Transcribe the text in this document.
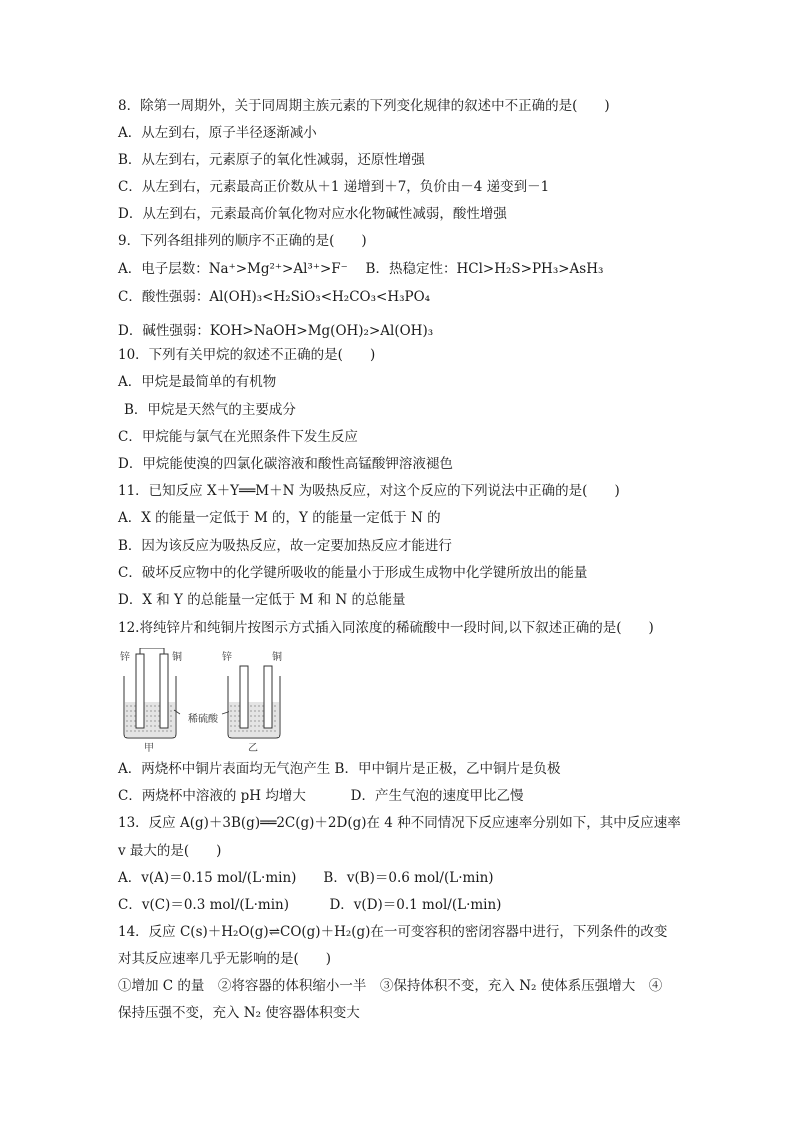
8．除第一周期外，关于同周期主族元素的下列变化规律的叙述中不正确的是(　　)
A．从左到右，原子半径逐渐减小
B．从左到右，元素原子的氧化性减弱，还原性增强
C．从左到右，元素最高正价数从＋1 递增到＋7，负价由－4 递变到－1
D．从左到右，元素最高价氧化物对应水化物碱性减弱，酸性增强
9．下列各组排列的顺序不正确的是(　　)
A．电子层数：Na⁺>Mg²⁺>Al³⁺>F⁻　 B．热稳定性：HCl>H₂S>PH₃>AsH₃
C．酸性强弱：Al(OH)₃<H₂SiO₃<H₂CO₃<H₃PO₄
D．碱性强弱：KOH>NaOH>Mg(OH)₂>Al(OH)₃
10．下列有关甲烷的叙述不正确的是(　　)
A．甲烷是最简单的有机物
B．甲烷是天然气的主要成分
C．甲烷能与氯气在光照条件下发生反应
D．甲烷能使溴的四氯化碳溶液和酸性高锰酸钾溶液褪色
11．已知反应 X＋Y══M＋N 为吸热反应，对这个反应的下列说法中正确的是(　　)
A．X 的能量一定低于 M 的，Y 的能量一定低于 N 的
B．因为该反应为吸热反应，故一定要加热反应才能进行
C．破坏反应物中的化学键所吸收的能量小于形成生成物中化学键所放出的能量
D．X 和 Y 的总能量一定低于 M 和 N 的总能量
12.将纯锌片和纯铜片按图示方式插入同浓度的稀硫酸中一段时间,以下叙述正确的是(　　)
锌	铜
甲
稀硫酸
锌	铜
乙
A．两烧杯中铜片表面均无气泡产生 B．甲中铜片是正极，乙中铜片是负极
C．两烧杯中溶液的 pH 均增大　　　 D．产生气泡的速度甲比乙慢
13．反应 A(g)＋3B(g)══2C(g)＋2D(g)在 4 种不同情况下反应速率分别如下，其中反应速率
v 最大的是(　　)
A．v(A)＝0.15 mol/(L·min)　　B．v(B)＝0.6 mol/(L·min)
C．v(C)＝0.3 mol/(L·min)　　　D．v(D)＝0.1 mol/(L·min)
14．反应 C(s)＋H₂O(g)⇌CO(g)＋H₂(g)在一可变容积的密闭容器中进行，下列条件的改变
对其反应速率几乎无影响的是(　　)
①增加 C 的量　②将容器的体积缩小一半　③保持体积不变，充入 N₂ 使体系压强增大　④
保持压强不变，充入 N₂ 使容器体积变大
